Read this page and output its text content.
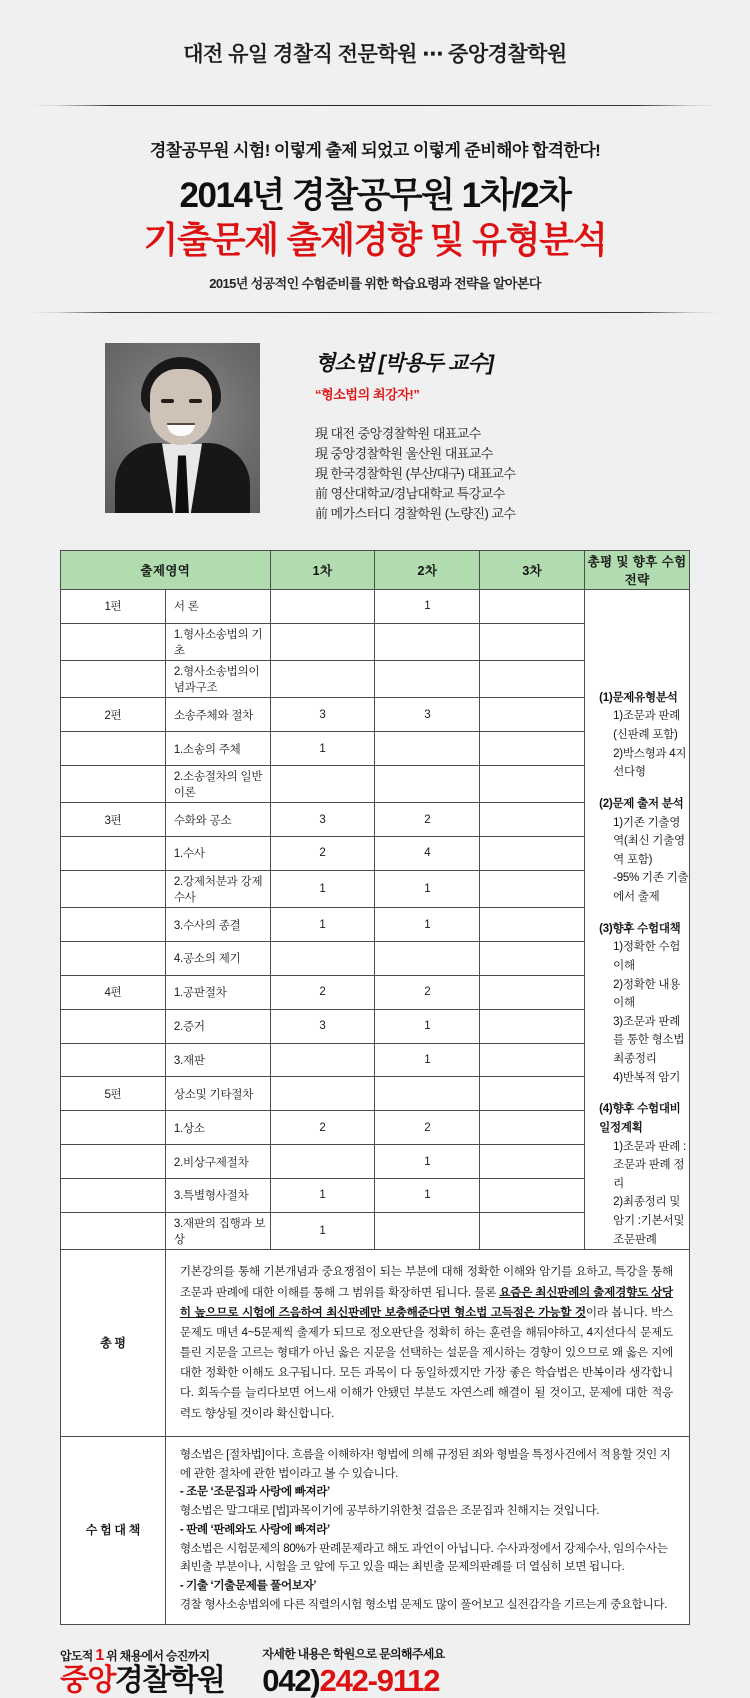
대전 유일 경찰직 전문학원 ⋯ 중앙경찰학원
경찰공무원 시험! 이렇게 출제 되었고 이렇게 준비해야 합격한다!
2014년 경찰공무원 1차/2차
기출문제 출제경향 및 유형분석
2015년 성공적인 수험준비를 위한 학습요령과 전략을 알아본다
형소법 [박용두 교수]
“형소법의 최강자!”
現 대전 중앙경찰학원 대표교수
現 중앙경찰학원 울산원 대표교수
現 한국경찰학원 (부산/대구) 대표교수
前 영산대학교/경남대학교 특강교수
前 메가스터디 경찰학원 (노량진) 교수
출제영역		1차	2차	3차	총평 및 향후 수험전략
1편	서 론		1		
(1)문제유형분석
1)조문과 판례(신판례 포함)
2)박스형과 4지선다형
(2)문제 출저 분석
1)기존 기출영역(최신 기출영역 포함)
-95% 기존 기출에서 출제
(3)향후 수험대책
1)정확한 수험이해
2)정확한 내용이해
3)조문과 판례를 통한 형소법 최종정리
4)반복적 암기
(4)향후 수험대비 일정계획
1)조문과 판례 :조문과 판례 정리
2)최종정리 및 암기 :기본서및 조문판례

	1.형사소송법의 기초				
	2.형사소송법의이념과구조				
2편	소송주체와 절차	3	3		
	1.소송의 주체	1			
	2.소송절차의 일반 이론				
3편	수화와 공소	3	2		
	1.수사	2	4		
	2.강제처분과 강제수사	1	1		
	3.수사의 종결	1	1		
	4.공소의 제기				
4편	1.공판절차	2	2		
	2.증거	3	1		
	3.재판		1		
5편	상소및 기타절차				
	1.상소	2	2		
	2.비상구제절차		1		
	3.특별형사절차	1	1		
	3.재판의 집행과 보상	1			
총 평	기본강의를 통해 기본개념과 중요쟁점이 되는 부분에 대해 정확한 이해와 암기를 요하고, 특강을 통해 조문과 판례에 대한 이해를 통해 그 범위를 확장하면 됩니다. 물론 요즘은 최신판례의 출제경향도 상당히 높으므로 시험에 즈음하여 최신판례만 보충해준다면 형소법 고득점은 가능할 것이라 봅니다. 박스문제도 매년 4~5문제씩 출제가 되므로 정오판단을 정확히 하는 훈련을 해둬야하고, 4지선다식 문제도 틀린 지문을 고르는 형태가 아닌 옳은 지문을 선택하는 설문을 제시하는 경향이 있으므로 왜 옳은 지에 대한 정확한 이해도 요구됩니다. 모든 과목이 다 동일하겠지만 가장 좋은 학습법은 반복이라 생각합니다. 회독수를 늘리다보면 어느새 이해가 안됐던 부분도 자연스레 해결이 될 것이고, 문제에 대한 적응력도 향상될 것이라 확신합니다.				
수 험 대 책	
형소법은 [절차법]이다. 흐름을 이해하자! 형법에 의해 규정된 죄와 형벌을 특정사건에서 적용할 것인 지에 관한 절차에 관한 법이라고 볼 수 있습니다.
- 조문 ‘조문집과 사랑에 빠져라’
형소법은 말그대로 [법]과목이기에 공부하기위한첫 걸음은 조문집과 친해지는 것입니다.
- 판례 ‘판례와도 사랑에 빠져라’
형소법은 시험문제의 80%가 판례문제라고 해도 과언이 아닙니다. 수사과정에서 강제수사, 임의수사는 최빈출 부분이나, 시험을 코 앞에 두고 있을 때는 최빈출 문제의판례를 더 열심히 보면 됩니다.
- 기출 ‘기출문제를 풀어보자’
경찰 형사소송법외에 다른 직렬의시험 형소법 문제도 많이 풀어보고 실전감각을 기르는게 중요합니다.
압도적 1 위 채용에서 승진까지
중앙경찰학원
자세한 내용은 학원으로 문의해주세요
042)242-9112
